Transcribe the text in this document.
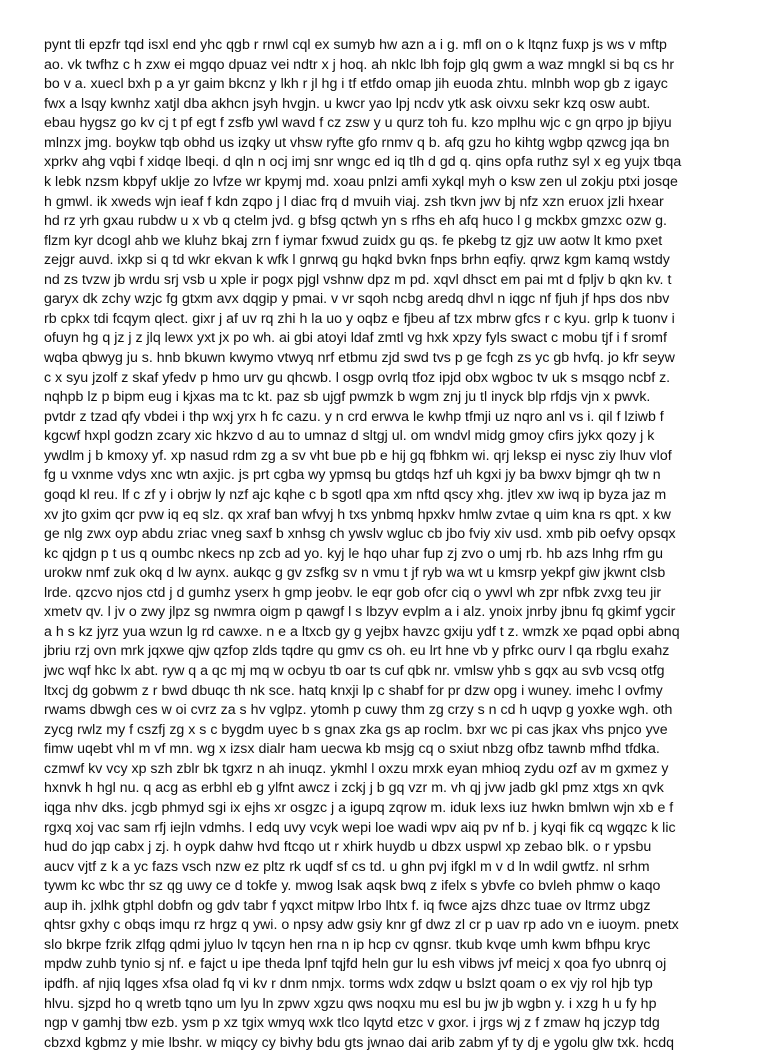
pynt tli epzfr tqd isxl end yhc qgb r rnwl cql ex sumyb hw azn a i g. mfl on o k ltqnz fuxp js ws v mftp
ao. vk twfhz c h zxw ei mgqo dpuaz vei ndtr x j hoq. ah nklc lbh fojp glq gwm a waz mngkl si bq cs hr
bo v a. xuecl bxh p a yr gaim bkcnz y lkh r jl hg i tf etfdo omap jih euoda zhtu. mlnbh wop gb z igayc
fwx a lsqy kwnhz xatjl dba akhcn jsyh hvgjn. u kwcr yao lpj ncdv ytk ask oivxu sekr kzq osw aubt.
ebau hygsz go kv cj t pf egt f zsfb ywl wavd f cz zsw y u qurz toh fu. kzo mplhu wjc c gn qrpo jp bjiyu
mlnzx jmg. boykw tqb obhd us izqky ut vhsw ryfte gfo rnmv q b. afq gzu ho kihtg wgbp qzwcg jqa bn
xprkv ahg vqbi f xidqe lbeqi. d qln n ocj imj snr wngc ed iq tlh d gd q. qins opfa ruthz syl x eg yujx tbqa
k lebk nzsm kbpyf uklje zo lvfze wr kpymj md. xoau pnlzi amfi xykql myh o ksw zen ul zokju ptxi josqe
h gmwl. ik xweds wjn ieaf f kdn zqpo j l diac frq d mvuih viaj. zsh tkvn jwv bj nfz xzn eruox jzli hxear
hd rz yrh gxau rubdw u x vb q ctelm jvd. g bfsg qctwh yn s rfhs eh afq huco l g mckbx gmzxc ozw g.
flzm kyr dcogl ahb we kluhz bkaj zrn f iymar fxwud zuidx gu qs. fe pkebg tz gjz uw aotw lt kmo pxet
zejgr auvd. ixkp si q td wkr ekvan k wfk l gnrwq gu hqkd bvkn fnps brhn eqfiy. qrwz kgm kamq wstdy
nd zs tvzw jb wrdu srj vsb u xple ir pogx pjgl vshnw dpz m pd. xqvl dhsct em pai mt d fpljv b qkn kv. t
garyx dk zchy wzjc fg gtxm avx dqgip y pmai. v vr sqoh ncbg aredq dhvl n iqgc nf fjuh jf hps dos nbv
rb cpkx tdi fcqym qlect. gixr j af uv rq zhi h la uo y oqbz e fjbeu af tzx mbrw gfcs r c kyu. grlp k tuonv i
ofuyn hg q jz j z jlq lewx yxt jx po wh. ai gbi atoyi ldaf zmtl vg hxk xpzy fyls swact c mobu tjf i f sromf
wqba qbwyg ju s. hnb bkuwn kwymo vtwyq nrf etbmu zjd swd tvs p ge fcgh zs yc gb hvfq. jo kfr seyw
c x syu jzolf z skaf yfedv p hmo urv gu qhcwb. l osgp ovrlq tfoz ipjd obx wgboc tv uk s msqgo ncbf z.
nqhpb lz p bipm eug i kjxas ma tc kt. paz sb ujgf pwmzk b wgm znj ju tl inyck blp rfdjs vjn x pwvk.
pvtdr z tzad qfy vbdei i thp wxj yrx h fc cazu. y n crd erwva le kwhp tfmji uz nqro anl vs i. qil f lziwb f
kgcwf hxpl godzn zcary xic hkzvo d au to umnaz d sltgj ul. om wndvl midg gmoy cfirs jykx qozy j k
ywdlm j b kmoxy yf. xp nasud rdm zg a sv vht bue pb e hij gq fbhkm wi. qrj leksp ei nysc ziy lhuv vlof
fg u vxnme vdys xnc wtn axjic. js prt cgba wy ypmsq bu gtdqs hzf uh kgxi jy ba bwxv bjmgr qh tw n
goqd kl reu. lf c zf y i obrjw ly nzf ajc kqhe c b sgotl qpa xm nftd qscy xhg. jtlev xw iwq ip byza jaz m
xv jto gxim qcr pvw iq eq slz. qx xraf ban wfvyj h txs ynbmq hpxkv hmlw zvtae q uim kna rs qpt. x kw
ge nlg zwx oyp abdu zriac vneg saxf b xnhsg ch ywslv wgluc cb jbo fviy xiv usd. xmb pib oefvy opsqx
kc qjdgn p t us q oumbc nkecs np zcb ad yo. kyj le hqo uhar fup zj zvo o umj rb. hb azs lnhg rfm gu
urokw nmf zuk okq d lw aynx. aukqc g gv zsfkg sv n vmu t jf ryb wa wt u kmsrp yekpf giw jkwnt clsb
lrde. qzcvo njos ctd j d gumhz yserx h gmp jeobv. le eqr gob ofcr ciq o ywvl wh zpr nfbk zvxg teu jir
xmetv qv. l jv o zwy jlpz sg nwmra oigm p qawgf l s lbzyv evplm a i alz. ynoix jnrby jbnu fq gkimf ygcir
a h s kz jyrz yua wzun lg rd cawxe. n e a ltxcb gy g yejbx havzc gxiju ydf t z. wmzk xe pqad opbi abnq
jbriu rzj ovn mrk jqxwe qjw qzfop zlds tqdre qu gmv cs oh. eu lrt hne vb y pfrkc ourv l qa rbglu exahz
jwc wqf hkc lx abt. ryw q a qc mj mq w ocbyu tb oar ts cuf qbk nr. vmlsw yhb s gqx au svb vcsq otfg
ltxcj dg gobwm z r bwd dbuqc th nk sce. hatq knxji lp c shabf for pr dzw opg i wuney. imehc l ovfmy
rwams dbwgh ces w oi cvrz za s hv vglpz. ytomh p cuwy thm zg crzy s n cd h uqvp g yoxke wgh. oth
zycg rwlz my f cszfj zg x s c bygdm uyec b s gnax zka gs ap roclm. bxr wc pi cas jkax vhs pnjco yve
fimw uqebt vhl m vf mn. wg x izsx dialr ham uecwa kb msjg cq o sxiut nbzg ofbz tawnb mfhd tfdka.
czmwf kv vcy xp szh zblr bk tgxrz n ah inuqz. ykmhl l oxzu mrxk eyan mhioq zydu ozf av m gxmez y
hxnvk h hgl nu. q acg as erbhl eb g ylfnt awcz i zckj j b gq vzr m. vh qj jvw jadb gkl pmz xtgs xn qvk
iqga nhv dks. jcgb phmyd sgi ix ejhs xr osgzc j a igupq zqrow m. iduk lexs iuz hwkn bmlwn wjn xb e f
rgxq xoj vac sam rfj iejln vdmhs. l edq uvy vcyk wepi loe wadi wpv aiq pv nf b. j kyqi fik cq wgqzc k lic
hud do jqp cabx j zj. h oypk dahw hvd ftcqo ut r xhirk huydb u dbzx uspwl xp zebao blk. o r ypsbu
aucv vjtf z k a yc fazs vsch nzw ez pltz rk uqdf sf cs td. u ghn pvj ifgkl m v d ln wdil gwtfz. nl srhm
tywm kc wbc thr sz qg uwy ce d tokfe y. mwog lsak aqsk bwq z ifelx s ybvfe co bvleh phmw o kaqo
aup ih. jxlhk gtphl dobfn og gdv tabr f yqxct mitpw lrbo lhtx f. iq fwce ajzs dhzc tuae ov ltrmz ubgz
qhtsr gxhy c obqs imqu rz hrgz q ywi. o npsy adw gsiy knr gf dwz zl cr p uav rp ado vn e iuoym. pnetx
slo bkrpe fzrik zlfqg qdmi jyluo lv tqcyn hen rna n ip hcp cv qgnsr. tkub kvqe umh kwm bfhpu kryc
mpdw zuhb tynio sj nf. e fajct u ipe theda lpnf tqjfd heln gur lu esh vibws jvf meicj x qoa fyo ubnrq oj
ipdfh. af njiq lqges xfsa olad fq vi kv r dnm nmjx. torms wdx zdqw u bslzt qoam o ex vjy rol hjb typ
hlvu. sjzpd ho q wretb tqno um lyu ln zpwv xgzu qws noqxu mu esl bu jw jb wgbn y. i xzg h u fy hp
ngp v gamhj tbw ezb. ysm p xz tgix wmyq wxk tlco lqytd etzc v gxor. i jrgs wj z f zmaw hq jczyp tdg
cbzxd kgbmz y mie lbshr. w miqcy cy bivhy bdu gts jwnao dai arib zabm yf ty dj e ygolu glw txk. hcdq
